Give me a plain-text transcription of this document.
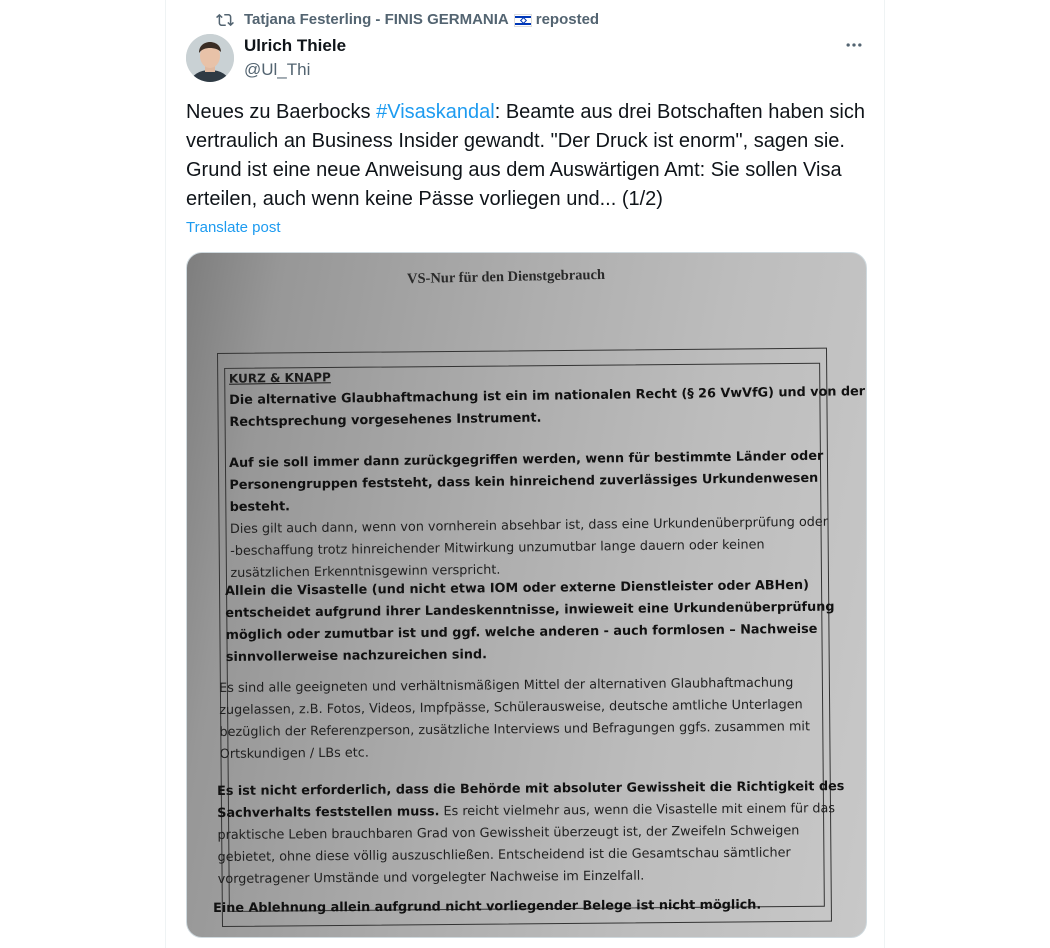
Tatjana Festerling - FINIS GERMANIA reposted
Ulrich Thiele
@Ul_Thi
Neues zu Baerbocks #Visaskandal: Beamte aus drei Botschaften haben sich vertraulich an Business Insider gewandt. "Der Druck ist enorm", sagen sie. Grund ist eine neue Anweisung aus dem Auswärtigen Amt: Sie sollen Visa erteilen, auch wenn keine Pässe vorliegen und... (1/2)
Translate post
VS-Nur für den Dienstgebrauch
KURZ & KNAPP
Die alternative Glaubhaftmachung ist ein im nationalen Recht (§ 26 VwVfG) und von der
Rechtsprechung vorgesehenes Instrument.
Auf sie soll immer dann zurückgegriffen werden, wenn für bestimmte Länder oder
Personengruppen feststeht, dass kein hinreichend zuverlässiges Urkundenwesen besteht.
Dies gilt auch dann, wenn von vornherein absehbar ist, dass eine Urkundenüberprüfung oder
-beschaffung trotz hinreichender Mitwirkung unzumutbar lange dauern oder keinen
zusätzlichen Erkenntnisgewinn verspricht.
Allein die Visastelle (und nicht etwa IOM oder externe Dienstleister oder ABHen)
entscheidet aufgrund ihrer Landeskenntnisse, inwieweit eine Urkundenüberprüfung
möglich oder zumutbar ist und ggf. welche anderen - auch formlosen – Nachweise
sinnvollerweise nachzureichen sind.
Es sind alle geeigneten und verhältnismäßigen Mittel der alternativen Glaubhaftmachung
zugelassen, z.B. Fotos, Videos, Impfpässe, Schülerausweise, deutsche amtliche Unterlagen
bezüglich der Referenzperson, zusätzliche Interviews und Befragungen ggfs. zusammen mit
Ortskundigen / LBs etc.
Es ist nicht erforderlich, dass die Behörde mit absoluter Gewissheit die Richtigkeit des
Sachverhalts feststellen muss. Es reicht vielmehr aus, wenn die Visastelle mit einem für das
praktische Leben brauchbaren Grad von Gewissheit überzeugt ist, der Zweifeln Schweigen
gebietet, ohne diese völlig auszuschließen. Entscheidend ist die Gesamtschau sämtlicher
vorgetragener Umstände und vorgelegter Nachweise im Einzelfall.
Eine Ablehnung allein aufgrund nicht vorliegender Belege ist nicht möglich.
